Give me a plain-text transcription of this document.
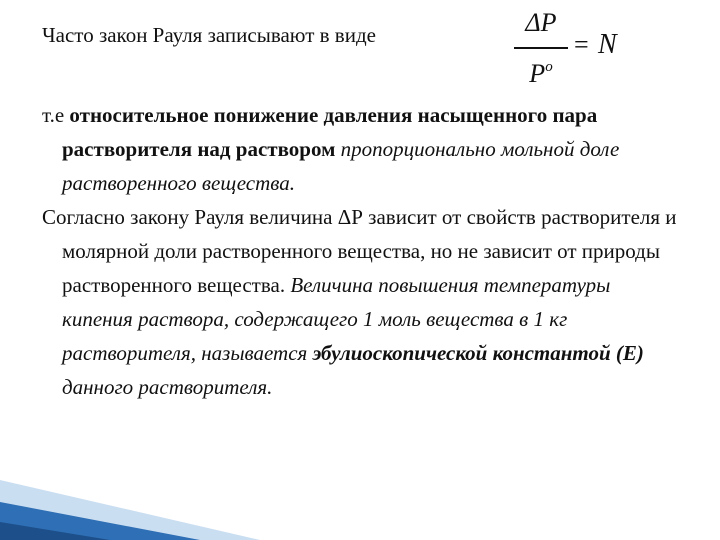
Часто закон Рауля записывают в виде	ΔP
$P^o$
= N

т.е относительное понижение давления насыщенного пара растворителя над раствором пропорционально мольной доле растворенного вещества.

Согласно закону Рауля величина ΔР зависит от свойств растворителя и молярной доли растворенного вещества, но не зависит от природы растворенного вещества. Величина повышения температуры кипения раствора, содержащего 1 моль вещества в 1 кг растворителя, называется эбулиоскопической константой (Е) данного растворителя.
